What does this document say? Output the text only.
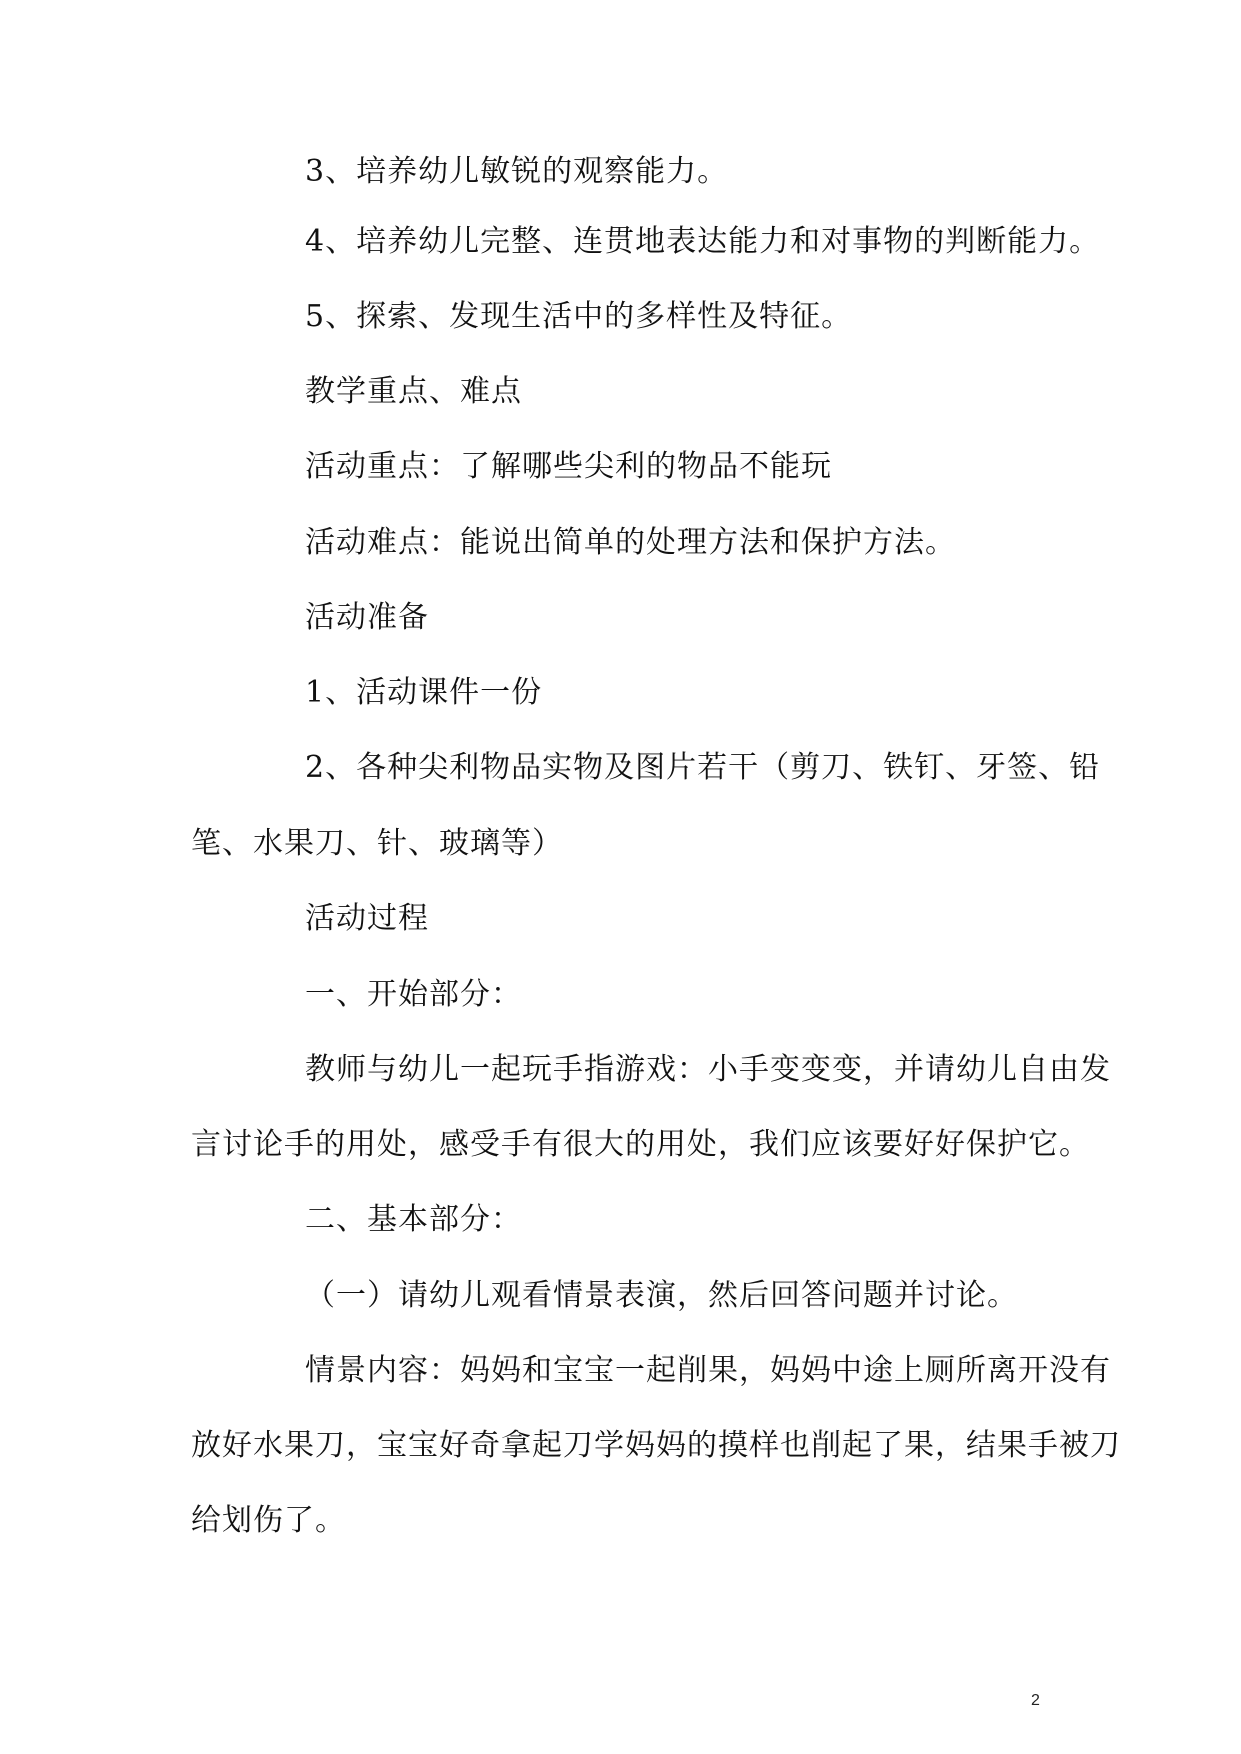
3、培养幼儿敏锐的观察能力。
4、培养幼儿完整、连贯地表达能力和对事物的判断能力。
5、探索、发现生活中的多样性及特征。
教学重点、难点
活动重点：了解哪些尖利的物品不能玩
活动难点：能说出简单的处理方法和保护方法。
活动准备
1、活动课件一份
2、各种尖利物品实物及图片若干（剪刀、铁钉、牙签、铅
笔、水果刀、针、玻璃等）
活动过程
一、开始部分：
教师与幼儿一起玩手指游戏：小手变变变，并请幼儿自由发
言讨论手的用处，感受手有很大的用处，我们应该要好好保护它。
二、基本部分：
（一）请幼儿观看情景表演，然后回答问题并讨论。
情景内容：妈妈和宝宝一起削果，妈妈中途上厕所离开没有
放好水果刀，宝宝好奇拿起刀学妈妈的摸样也削起了果，结果手被刀
给划伤了。
2
